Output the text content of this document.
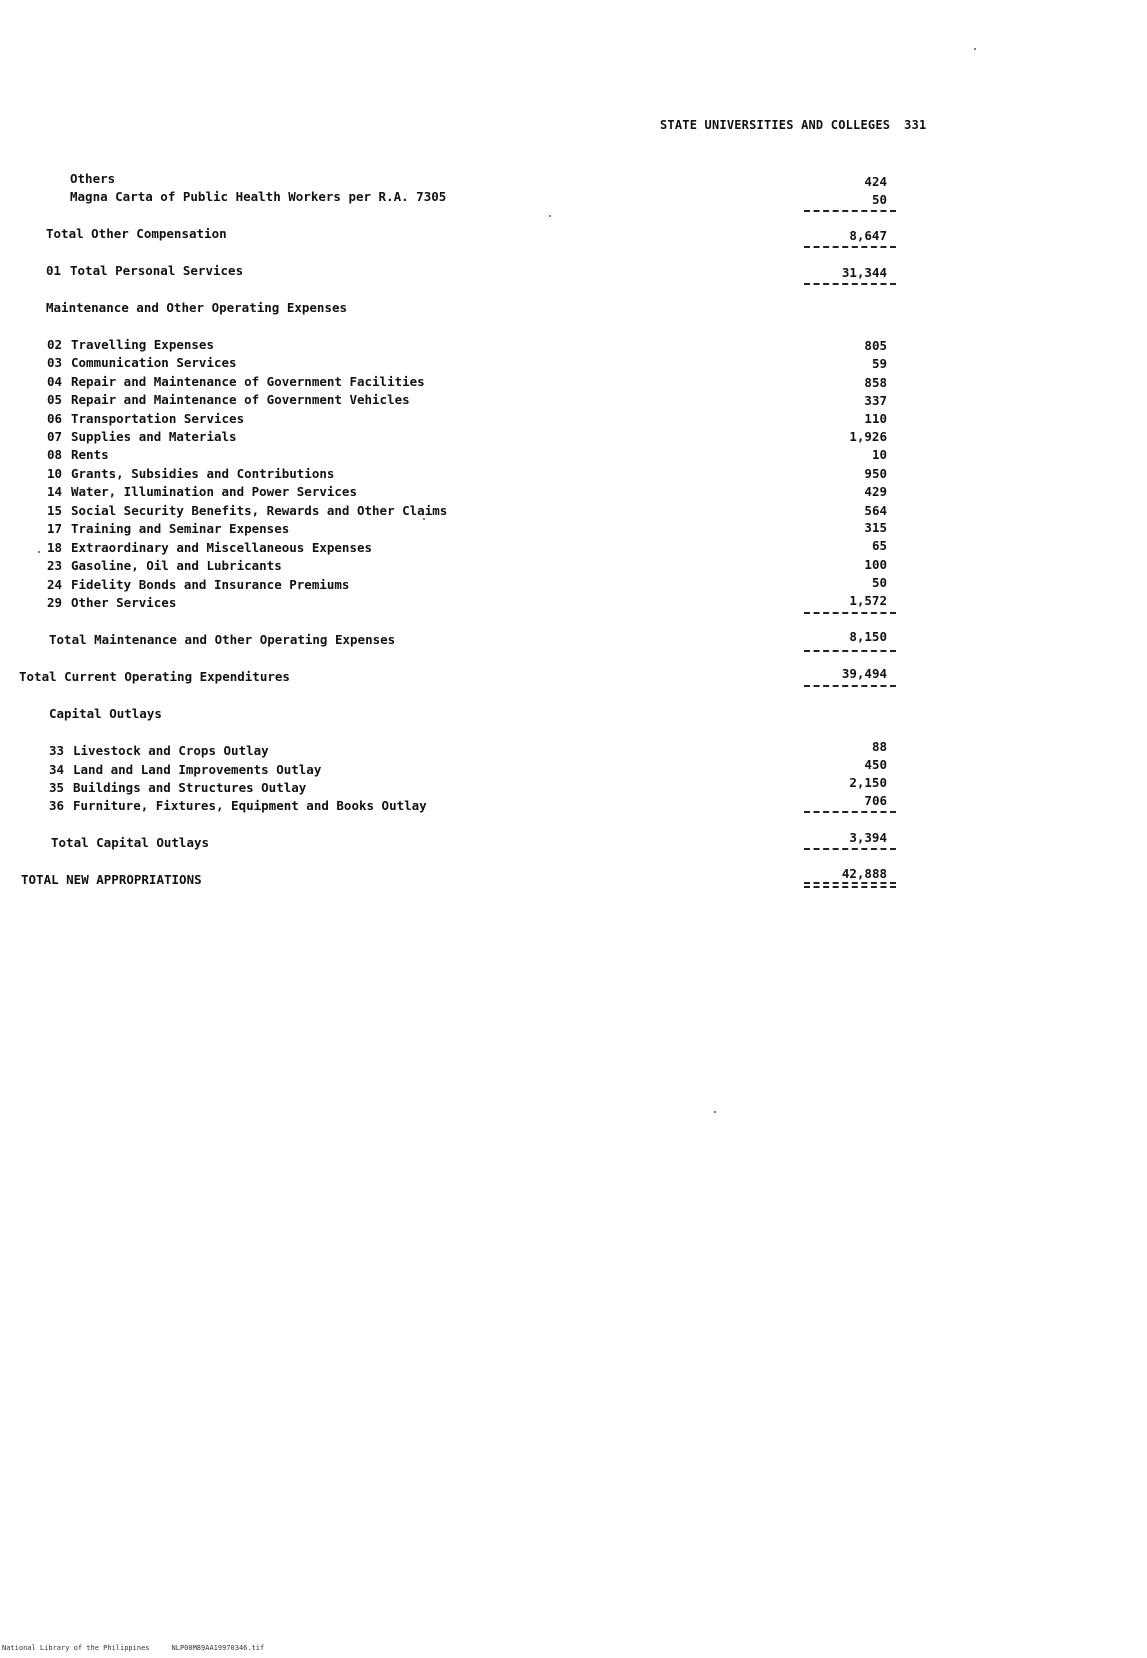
STATE UNIVERSITIES AND COLLEGES 331
Others	424
Magna Carta of Public Health Workers per R.A. 7305	50
Total Other Compensation	8,647
01 Total Personal Services	31,344
Maintenance and Other Operating Expenses
02 Travelling Expenses	805
03 Communication Services	59
04 Repair and Maintenance of Government Facilities	858
05 Repair and Maintenance of Government Vehicles	337
06 Transportation Services	110
07 Supplies and Materials	1,926
08 Rents	10
10 Grants, Subsidies and Contributions	950
14 Water, Illumination and Power Services	429
15 Social Security Benefits, Rewards and Other Claims	564
17 Training and Seminar Expenses	315
18 Extraordinary and Miscellaneous Expenses	65
23 Gasoline, Oil and Lubricants	100
24 Fidelity Bonds and Insurance Premiums	50
29 Other Services	1,572
Total Maintenance and Other Operating Expenses	8,150
Total Current Operating Expenditures	39,494
Capital Outlays
33 Livestock and Crops Outlay	88
34 Land and Land Improvements Outlay	450
35 Buildings and Structures Outlay	2,150
36 Furniture, Fixtures, Equipment and Books Outlay	706
Total Capital Outlays	3,394
TOTAL NEW APPROPRIATIONS	42,888
National Library of the Philippines	NLP00M89AA19970346.tif
